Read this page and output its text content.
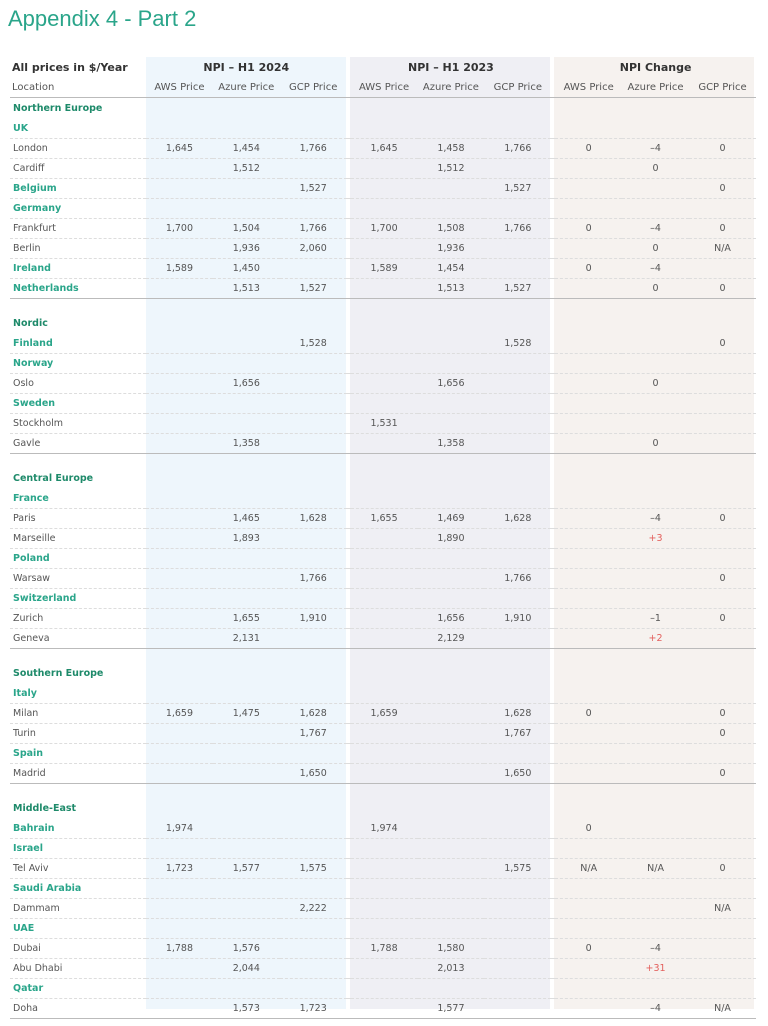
Appendix 4 - Part 2
All prices in $/Year	NPI – H1 2024				NPI – H1 2023				NPI Change		
Location	AWS Price	Azure Price	GCP Price		AWS Price	Azure Price	GCP Price		AWS Price	Azure Price	GCP Price
Northern Europe											
UK											
London	1,645	1,454	1,766		1,645	1,458	1,766		0	–4	0
Cardiff		1,512				1,512				0	
Belgium			1,527				1,527				0
Germany											
Frankfurt	1,700	1,504	1,766		1,700	1,508	1,766		0	–4	0
Berlin		1,936	2,060			1,936				0	N/A
Ireland	1,589	1,450			1,589	1,454			0	–4	
Netherlands		1,513	1,527			1,513	1,527			0	0

Nordic											
Finland			1,528				1,528				0
Norway											
Oslo		1,656				1,656				0	
Sweden											
Stockholm					1,531						
Gavle		1,358				1,358				0	

Central Europe											
France											
Paris		1,465	1,628		1,655	1,469	1,628			–4	0
Marseille		1,893				1,890				+3	
Poland											
Warsaw			1,766				1,766				0
Switzerland											
Zurich		1,655	1,910			1,656	1,910			–1	0
Geneva		2,131				2,129				+2	

Southern Europe											
Italy											
Milan	1,659	1,475	1,628		1,659		1,628		0		0
Turin			1,767				1,767				0
Spain											
Madrid			1,650				1,650				0

Middle-East											
Bahrain	1,974				1,974				0		
Israel											
Tel Aviv	1,723	1,577	1,575				1,575		N/A	N/A	0
Saudi Arabia											
Dammam			2,222								N/A
UAE											
Dubai	1,788	1,576			1,788	1,580			0	–4	
Abu Dhabi		2,044				2,013				+31	
Qatar											
Doha		1,573	1,723			1,577				–4	N/A
